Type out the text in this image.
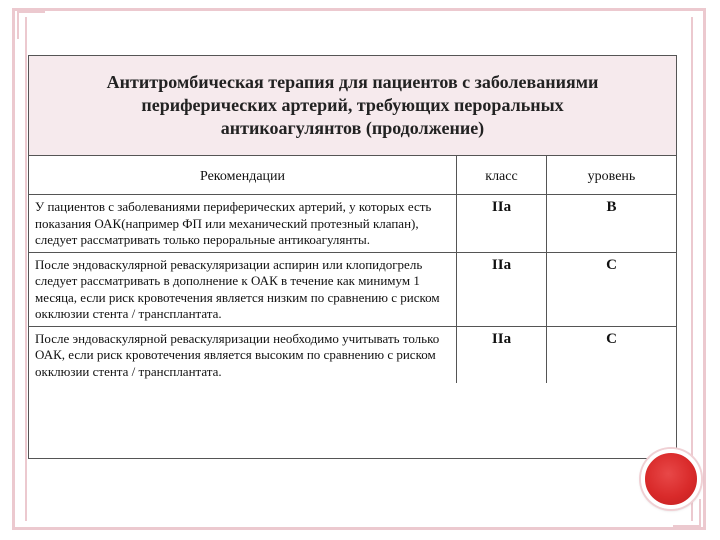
Антитромбическая терапия для пациентов с заболеваниями периферических артерий, требующих пероральных антикоагулянтов (продолжение)
Рекомендации	класс	уровень
У пациентов с заболеваниями периферических артерий, у которых есть показания ОАК(например ФП или механический протезный клапан), следует рассматривать только пероральные антикоагулянты.	IIa	B
После эндоваскулярной реваскуляризации аспирин или клопидогрель следует рассматривать в дополнение к ОАК в течение как минимум 1 месяца, если риск кровотечения является низким по сравнению с риском окклюзии стента / трансплантата.	IIa	C
После эндоваскулярной реваскуляризации необходимо учитывать только ОАК, если риск кровотечения является высоким по сравнению с риском окклюзии стента / трансплантата.	IIa	C
